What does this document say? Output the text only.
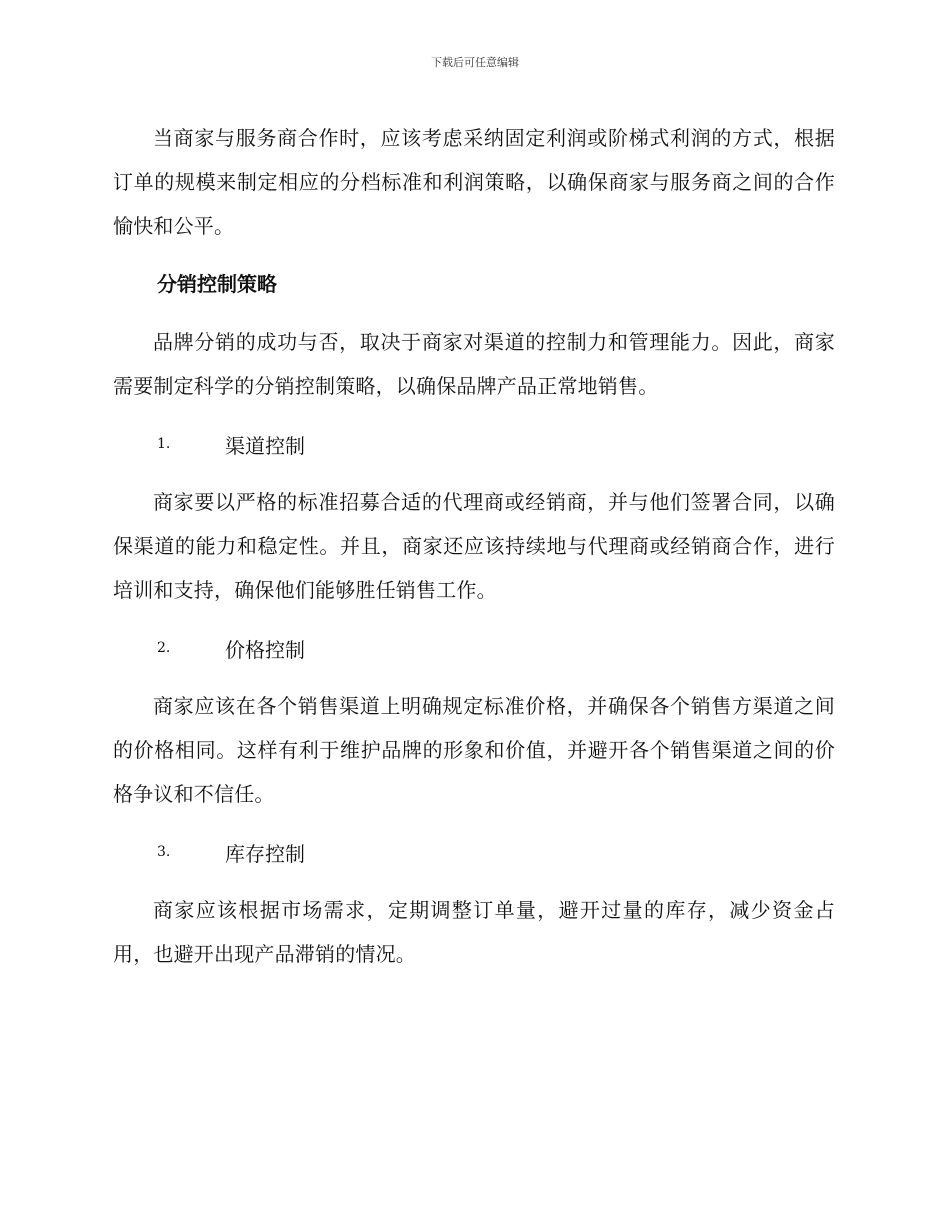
下载后可任意编辑

当商家与服务商合作时，应该考虑采纳固定利润或阶梯式利润的方式，根据订单的规模来制定相应的分档标准和利润策略，以确保商家与服务商之间的合作愉快和公平。

分销控制策略

品牌分销的成功与否，取决于商家对渠道的控制力和管理能力。因此，商家需要制定科学的分销控制策略，以确保品牌产品正常地销售。

1.	渠道控制

商家要以严格的标准招募合适的代理商或经销商，并与他们签署合同，以确保渠道的能力和稳定性。并且，商家还应该持续地与代理商或经销商合作，进行培训和支持，确保他们能够胜任销售工作。

2.	价格控制

商家应该在各个销售渠道上明确规定标准价格，并确保各个销售方渠道之间的价格相同。这样有利于维护品牌的形象和价值，并避开各个销售渠道之间的价格争议和不信任。

3.	库存控制

商家应该根据市场需求，定期调整订单量，避开过量的库存，减少资金占用，也避开出现产品滞销的情况。
